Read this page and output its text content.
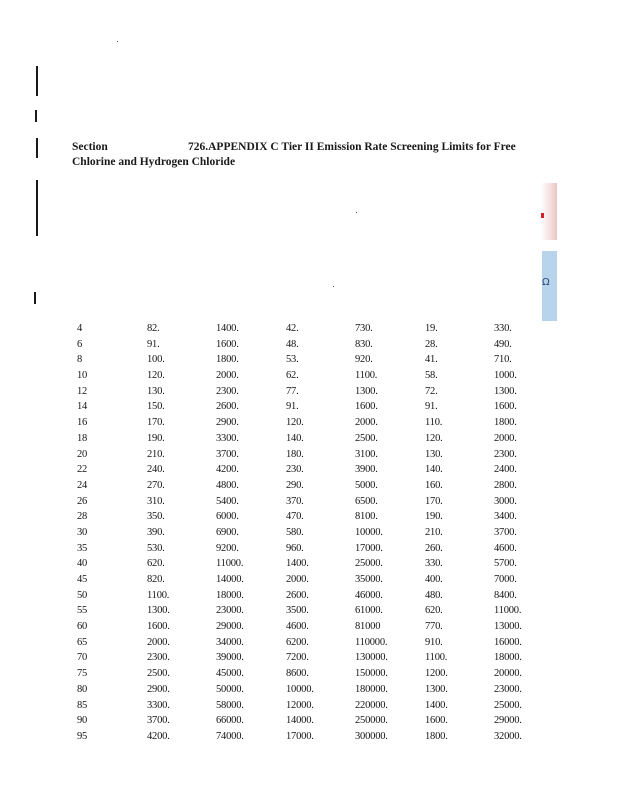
Ω
Section	726.APPENDIX C Tier II Emission Rate Screening Limits for Free
Chlorine and Hydrogen Chloride
4	82.	1400.	42.	730.	19.	330.
6	91.	1600.	48.	830.	28.	490.
8	100.	1800.	53.	920.	41.	710.
10	120.	2000.	62.	1100.	58.	1000.
12	130.	2300.	77.	1300.	72.	1300.
14	150.	2600.	91.	1600.	91.	1600.
16	170.	2900.	120.	2000.	110.	1800.
18	190.	3300.	140.	2500.	120.	2000.
20	210.	3700.	180.	3100.	130.	2300.
22	240.	4200.	230.	3900.	140.	2400.
24	270.	4800.	290.	5000.	160.	2800.
26	310.	5400.	370.	6500.	170.	3000.
28	350.	6000.	470.	8100.	190.	3400.
30	390.	6900.	580.	10000.	210.	3700.
35	530.	9200.	960.	17000.	260.	4600.
40	620.	11000.	1400.	25000.	330.	5700.
45	820.	14000.	2000.	35000.	400.	7000.
50	1100.	18000.	2600.	46000.	480.	8400.
55	1300.	23000.	3500.	61000.	620.	11000.
60	1600.	29000.	4600.	81000	770.	13000.
65	2000.	34000.	6200.	110000.	910.	16000.
70	2300.	39000.	7200.	130000.	1100.	18000.
75	2500.	45000.	8600.	150000.	1200.	20000.
80	2900.	50000.	10000.	180000.	1300.	23000.
85	3300.	58000.	12000.	220000.	1400.	25000.
90	3700.	66000.	14000.	250000.	1600.	29000.
95	4200.	74000.	17000.	300000.	1800.	32000.
